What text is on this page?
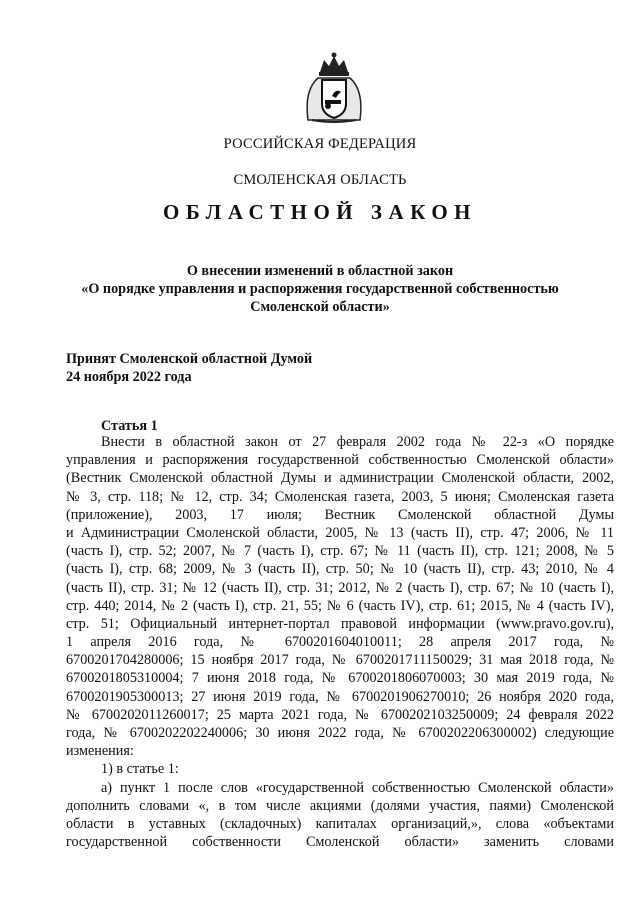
РОССИЙСКАЯ ФЕДЕРАЦИЯ
СМОЛЕНСКАЯ ОБЛАСТЬ
ОБЛАСТНОЙ ЗАКОН
О внесении изменений в областной закон
«О порядке управления и распоряжения государственной собственностью
Смоленской области»
Принят Смоленской областной Думой
24 ноября 2022 года
Статья 1
Внести в областной закон от 27 февраля 2002 года № 22-з «О порядке
управления и распоряжения государственной собственностью Смоленской области»
(Вестник Смоленской областной Думы и администрации Смоленской области, 2002,
№ 3, стр. 118; № 12, стр. 34; Смоленская газета, 2003, 5 июня; Смоленская газета
(приложение), 2003, 17 июля; Вестник Смоленской областной Думы
и Администрации Смоленской области, 2005, № 13 (часть II), стр. 47; 2006, № 11
(часть I), стр. 52; 2007, № 7 (часть I), стр. 67; № 11 (часть II), стр. 121; 2008, № 5
(часть I), стр. 68; 2009, № 3 (часть II), стр. 50; № 10 (часть II), стр. 43; 2010, № 4
(часть II), стр. 31; № 12 (часть II), стр. 31; 2012, № 2 (часть I), стр. 67; № 10 (часть I),
стр. 440; 2014, № 2 (часть I), стр. 21, 55; № 6 (часть IV), стр. 61; 2015, № 4 (часть IV),
стр. 51; Официальный интернет-портал правовой информации (www.pravo.gov.ru),
1 апреля 2016 года, № 6700201604010011; 28 апреля 2017 года, №
6700201704280006; 15 ноября 2017 года, № 6700201711150029; 31 мая 2018 года, №
6700201805310004; 7 июня 2018 года, № 6700201806070003; 30 мая 2019 года, №
6700201905300013; 27 июня 2019 года, № 6700201906270010; 26 ноября 2020 года,
№ 6700202011260017; 25 марта 2021 года, № 6700202103250009; 24 февраля 2022
года, № 6700202202240006; 30 июня 2022 года, № 6700202206300002) следующие
изменения:
1) в статье 1:
а) пункт 1 после слов «государственной собственностью Смоленской области»
дополнить словами «, в том числе акциями (долями участия, паями) Смоленской
области в уставных (складочных) капиталах организаций,», слова «объектами
государственной собственности Смоленской области» заменить словами
